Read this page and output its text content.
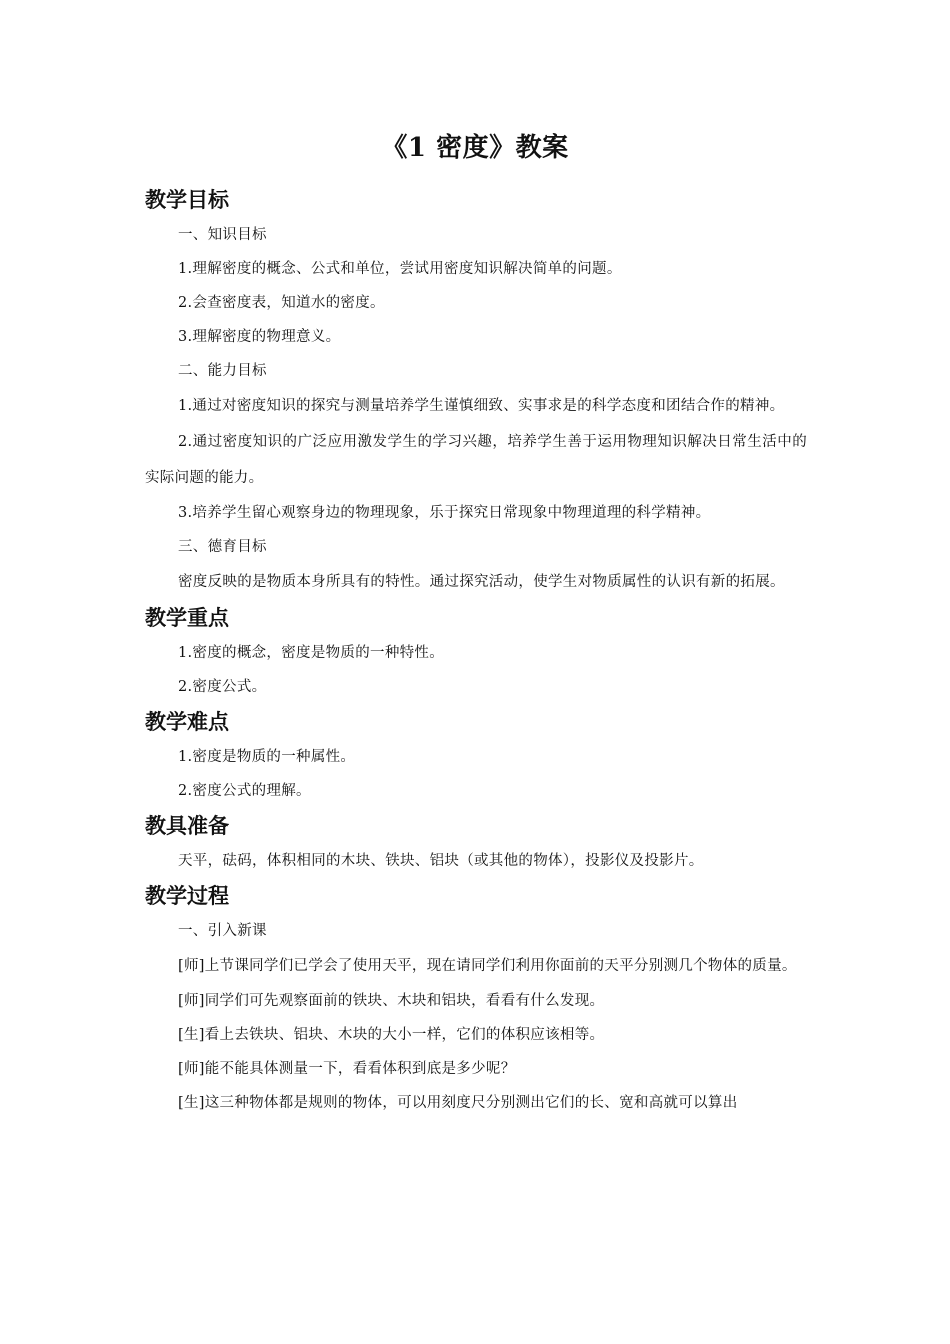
《1 密度》教案
教学目标

一、知识目标

1.理解密度的概念、公式和单位，尝试用密度知识解决简单的问题。

2.会查密度表，知道水的密度。

3.理解密度的物理意义。

二、能力目标

1.通过对密度知识的探究与测量培养学生谨慎细致、实事求是的科学态度和团结合作的精神。

2.通过密度知识的广泛应用激发学生的学习兴趣，培养学生善于运用物理知识解决日常生活中的实际问题的能力。

3.培养学生留心观察身边的物理现象，乐于探究日常现象中物理道理的科学精神。

三、德育目标

密度反映的是物质本身所具有的特性。通过探究活动，使学生对物质属性的认识有新的拓展。

教学重点

1.密度的概念，密度是物质的一种特性。

2.密度公式。

教学难点

1.密度是物质的一种属性。

2.密度公式的理解。

教具准备

天平，砝码，体积相同的木块、铁块、铝块（或其他的物体），投影仪及投影片。

教学过程

一、引入新课

[师]上节课同学们已学会了使用天平，现在请同学们利用你面前的天平分别测几个物体的质量。

[师]同学们可先观察面前的铁块、木块和铝块，看看有什么发现。

[生]看上去铁块、铝块、木块的大小一样，它们的体积应该相等。

[师]能不能具体测量一下，看看体积到底是多少呢？

[生]这三种物体都是规则的物体，可以用刻度尺分别测出它们的长、宽和高就可以算出
